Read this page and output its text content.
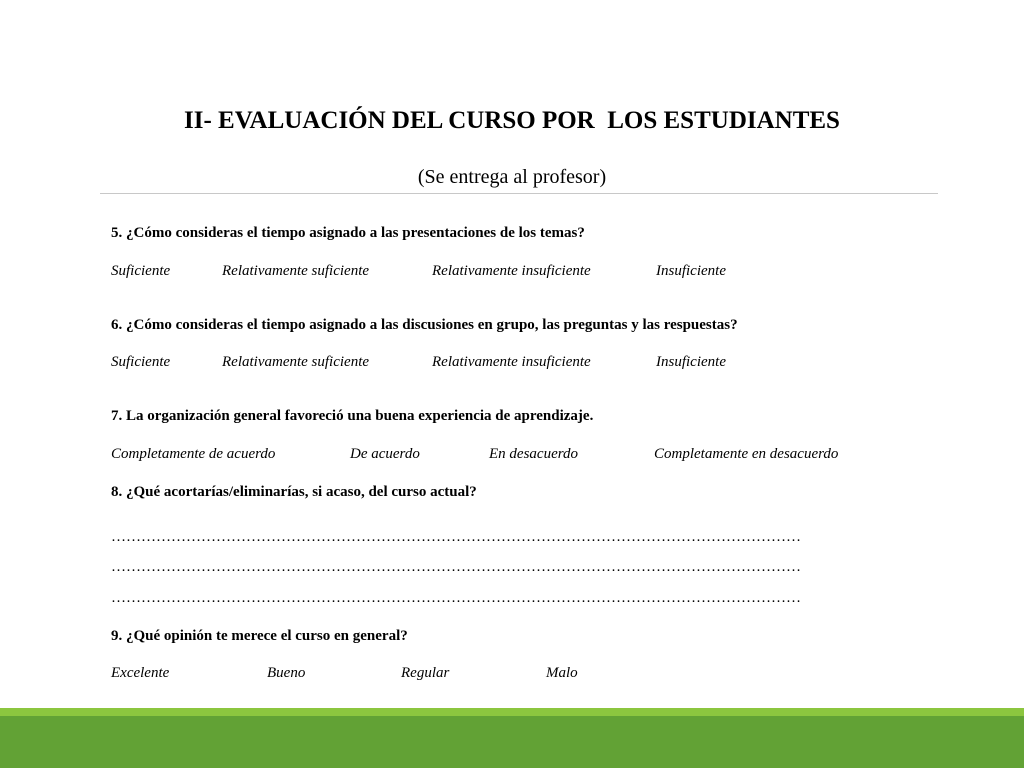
II- EVALUACIÓN DEL CURSO POR  LOS ESTUDIANTES
(Se entrega al profesor)
5. ¿Cómo consideras el tiempo asignado a las presentaciones de los temas?
Suficiente	Relativamente suficiente	Relativamente insuficiente	Insuficiente
6. ¿Cómo consideras el tiempo asignado a las discusiones en grupo, las preguntas y las respuestas?
Suficiente	Relativamente suficiente	Relativamente insuficiente	Insuficiente
7. La organización general favoreció una buena experiencia de aprendizaje.
Completamente de acuerdo	De acuerdo	En desacuerdo	Completamente en desacuerdo
8. ¿Qué acortarías/eliminarías, si acaso, del curso actual?
…………………………………………………………………………………………………………………………
…………………………………………………………………………………………………………………………
…………………………………………………………………………………………………………………………
9. ¿Qué opinión te merece el curso en general?
Excelente	Bueno	Regular	Malo
